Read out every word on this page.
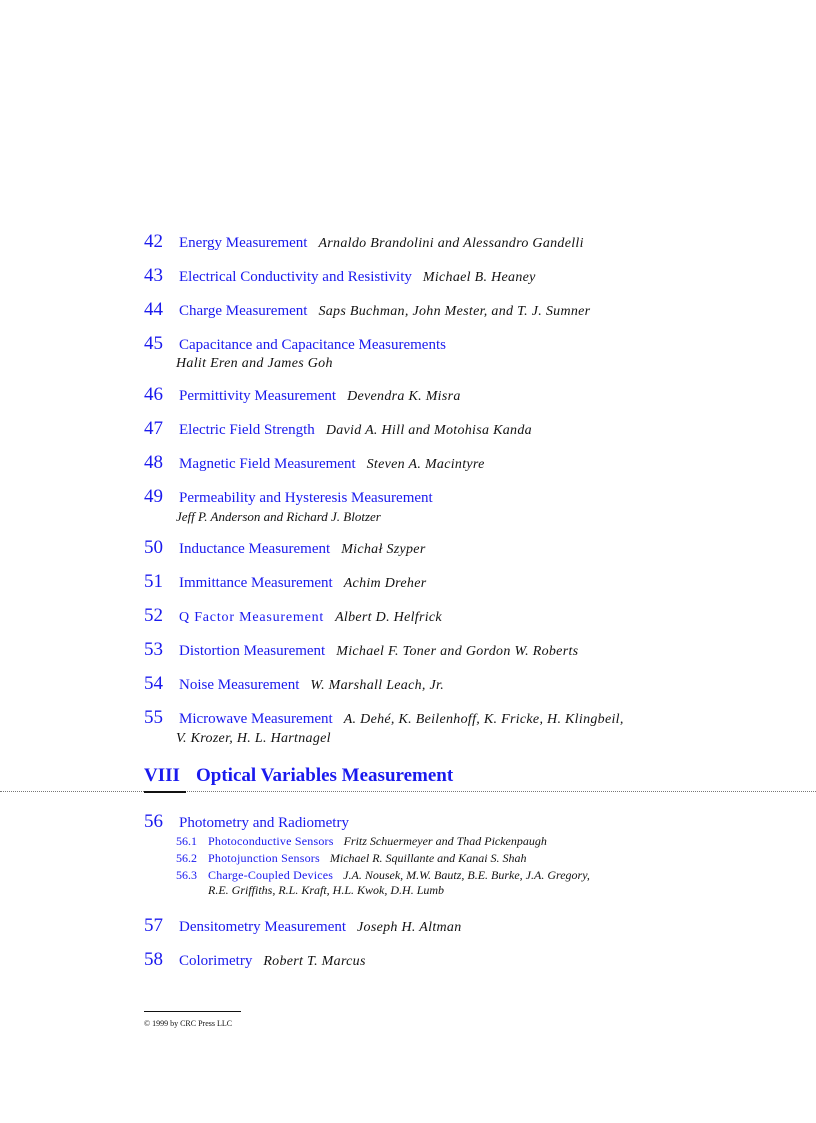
42 Energy Measurement Arnaldo Brandolini and Alessandro Gandelli
43 Electrical Conductivity and Resistivity Michael B. Heaney
44 Charge Measurement Saps Buchman, John Mester, and T. J. Sumner
45 Capacitance and Capacitance Measurements
Halit Eren and James Goh
46 Permittivity Measurement Devendra K. Misra
47 Electric Field Strength David A. Hill and Motohisa Kanda
48 Magnetic Field Measurement Steven A. Macintyre
49 Permeability and Hysteresis Measurement
Jeff P. Anderson and Richard J. Blotzer
50 Inductance Measurement Michał Szyper
51 Immittance Measurement Achim Dreher
52 Q Factor Measurement Albert D. Helfrick
53 Distortion Measurement Michael F. Toner and Gordon W. Roberts
54 Noise Measurement W. Marshall Leach, Jr.
55 Microwave Measurement A. Dehé, K. Beilenhoff, K. Fricke, H. Klingbeil,
V. Krozer, H. L. Hartnagel
VIII Optical Variables Measurement
56 Photometry and Radiometry
56.1 Photoconductive Sensors Fritz Schuermeyer and Thad Pickenpaugh
56.2 Photojunction Sensors Michael R. Squillante and Kanai S. Shah
56.3 Charge-Coupled Devices J.A. Nousek, M.W. Bautz, B.E. Burke, J.A. Gregory,
R.E. Griffiths, R.L. Kraft, H.L. Kwok, D.H. Lumb
57 Densitometry Measurement Joseph H. Altman
58 Colorimetry Robert T. Marcus
© 1999 by CRC Press LLC
